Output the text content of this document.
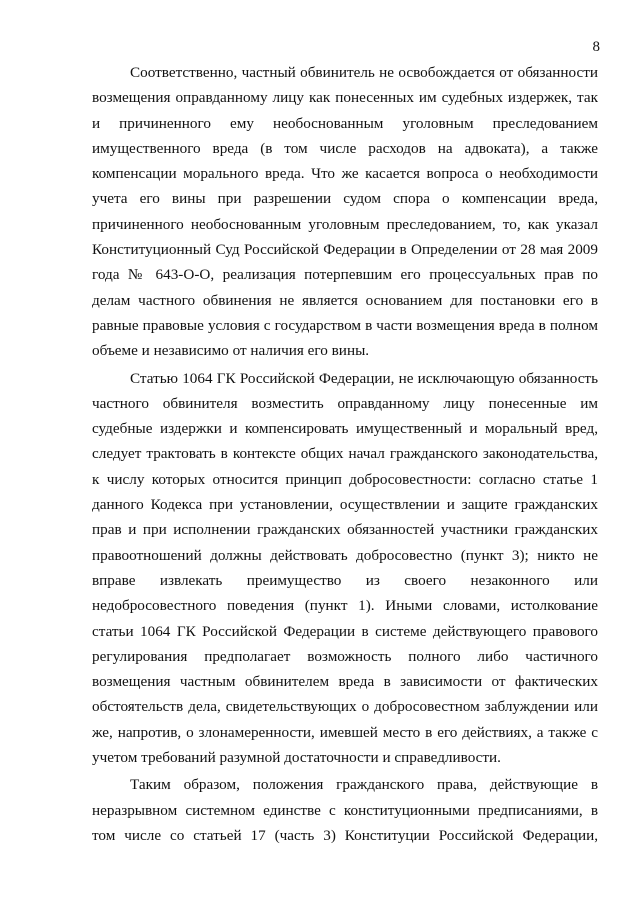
8

Соответственно, частный обвинитель не освобождается от обязанности возмещения оправданному лицу как понесенных им судебных издержек, так и причиненного ему необоснованным уголовным преследованием имущественного вреда (в том числе расходов на адвоката), а также компенсации морального вреда. Что же касается вопроса о необходимости учета его вины при разрешении судом спора о компенсации вреда, причиненного необоснованным уголовным преследованием, то, как указал Конституционный Суд Российской Федерации в Определении от 28 мая 2009 года № 643-О-О, реализация потерпевшим его процессуальных прав по делам частного обвинения не является основанием для постановки его в равные правовые условия с государством в части возмещения вреда в полном объеме и независимо от наличия его вины.

Статью 1064 ГК Российской Федерации, не исключающую обязанность частного обвинителя возместить оправданному лицу понесенные им судебные издержки и компенсировать имущественный и моральный вред, следует трактовать в контексте общих начал гражданского законодательства, к числу которых относится принцип добросовестности: согласно статье 1 данного Кодекса при установлении, осуществлении и защите гражданских прав и при исполнении гражданских обязанностей участники гражданских правоотношений должны действовать добросовестно (пункт 3); никто не вправе извлекать преимущество из своего незаконного или недобросовестного поведения (пункт 1). Иными словами, истолкование статьи 1064 ГК Российской Федерации в системе действующего правового регулирования предполагает возможность полного либо частичного возмещения частным обвинителем вреда в зависимости от фактических обстоятельств дела, свидетельствующих о добросовестном заблуждении или же, напротив, о злонамеренности, имевшей место в его действиях, а также с учетом требований разумной достаточности и справедливости.

Таким образом, положения гражданского права, действующие в неразрывном системном единстве с конституционными предписаниями, в том числе со статьей 17 (часть 3) Конституции Российской Федерации,
